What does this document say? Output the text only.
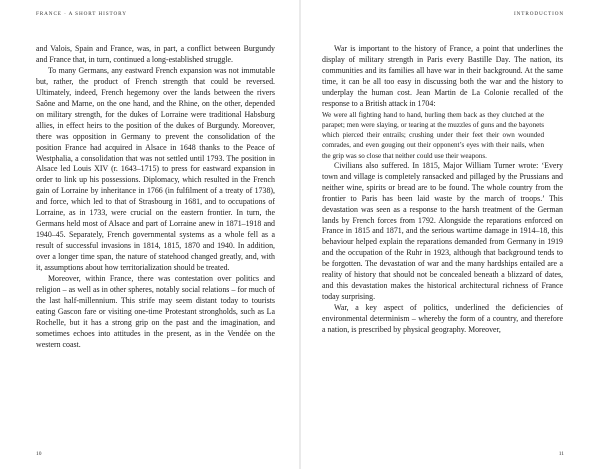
FRANCE · A SHORT HISTORY

and Valois, Spain and France, was, in part, a conflict between Burgundy and France that, in turn, continued a long-established struggle.

To many Germans, any eastward French expansion was not immutable but, rather, the product of French strength that could be reversed. Ultimately, indeed, French hegemony over the lands between the rivers Saône and Marne, on the one hand, and the Rhine, on the other, depended on military strength, for the dukes of Lorraine were traditional Habsburg allies, in effect heirs to the position of the dukes of Burgundy. Moreover, there was opposition in Germany to prevent the consolidation of the position France had acquired in Alsace in 1648 thanks to the Peace of Westphalia, a consolidation that was not settled until 1793. The position in Alsace led Louis XIV (r. 1643–1715) to press for eastward expansion in order to link up his possessions. Diplomacy, which resulted in the French gain of Lorraine by inheritance in 1766 (in fulfilment of a treaty of 1738), and force, which led to that of Strasbourg in 1681, and to occupations of Lorraine, as in 1733, were crucial on the eastern frontier. In turn, the Germans held most of Alsace and part of Lorraine anew in 1871–1918 and 1940–45. Separately, French governmental systems as a whole fell as a result of successful invasions in 1814, 1815, 1870 and 1940. In addition, over a longer time span, the nature of statehood changed greatly, and, with it, assumptions about how territorialization should be treated.

Moreover, within France, there was contestation over politics and religion – as well as in other spheres, notably social relations – for much of the last half-millennium. This strife may seem distant today to tourists eating Gascon fare or visiting one-time Protestant strongholds, such as La Rochelle, but it has a strong grip on the past and the imagination, and sometimes echoes into attitudes in the present, as in the Vendée on the western coast.

10
INTRODUCTION

War is important to the history of France, a point that underlines the display of military strength in Paris every Bastille Day. The nation, its communities and its families all have war in their background. At the same time, it can be all too easy in discussing both the war and the history to underplay the human cost. Jean Martin de La Colonie recalled of the response to a British attack in 1704:

We were all fighting hand to hand, hurling them back as they clutched at the parapet; men were slaying, or tearing at the muzzles of guns and the bayonets which pierced their entrails; crushing under their feet their own wounded comrades, and even gouging out their opponent’s eyes with their nails, when the grip was so close that neither could use their weapons.

Civilians also suffered. In 1815, Major William Turner wrote: ‘Every town and village is completely ransacked and pillaged by the Prussians and neither wine, spirits or bread are to be found. The whole country from the frontier to Paris has been laid waste by the march of troops.’ This devastation was seen as a response to the harsh treatment of the German lands by French forces from 1792. Alongside the reparations enforced on France in 1815 and 1871, and the serious wartime damage in 1914–18, this behaviour helped explain the reparations demanded from Germany in 1919 and the occupation of the Ruhr in 1923, although that background tends to be forgotten. The devastation of war and the many hardships entailed are a reality of history that should not be concealed beneath a blizzard of dates, and this devastation makes the historical architectural richness of France today surprising.

War, a key aspect of politics, underlined the deficiencies of environmental determinism – whereby the form of a country, and therefore a nation, is prescribed by physical geography. Moreover,

11
